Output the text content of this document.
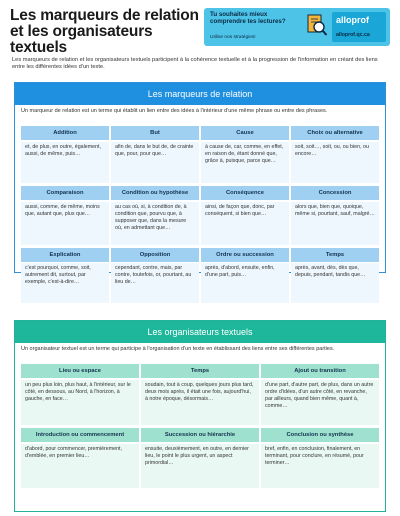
Les marqueurs de relation
et les organisateurs textuels
Tu souhaites mieux
comprendre tes lectures?
Utilise nos stratégies!
alloprof
alloprof.qc.ca
Les marqueurs de relation et les organisateurs textuels participent à la cohérence textuelle et à la progression de l'information en créant des liens entre les différentes idées d'un texte.
Les marqueurs de relation
Un marqueur de relation est un terme qui établit un lien entre des idées à l'intérieur d'une même phrase ou entre des phrases.
Addition	But	Cause	Choix ou alternative
et, de plus, en outre, également, aussi, de même, puis…
afin de, dans le but de, de crainte que, pour, pour que…
à cause de, car, comme, en effet, en raison de, étant donné que, grâce à, puisque, parce que…
soit, soit…, soit, ou, ou bien, ou encore…
Comparaison	Condition ou hypothèse	Conséquence	Concession
aussi, comme, de même, moins que, autant que, plus que…
au cas où, si, à condition de, à condition que, pourvu que, à supposer que, dans la mesure où, en admettant que…
ainsi, de façon que, donc, par conséquent, si bien que…
alors que, bien que, quoique, même si, pourtant, sauf, malgré…
Explication	Opposition	Ordre ou succession	Temps
c'est pourquoi, comme, soit, autrement dit, surtout, par exemple, c'est-à-dire…
cependant, contre, mais, par contre, toutefois, or, pourtant, au lieu de…
après, d'abord, ensuite, enfin, d'une part, puis…
après, avant, dès, dès que, depuis, pendant, tandis que…
Les organisateurs textuels
Un organisateur textuel est un terme qui participe à l'organisation d'un texte en établissant des liens entre ses différentes parties.
Lieu ou espace	Temps	Ajout ou transition
un peu plus loin, plus haut, à l'intérieur, sur le côté, en dessous, au Nord, à l'horizon, à gauche, en face…
soudain, tout à coup, quelques jours plus tard, deux mois après, il était une fois, aujourd'hui, à notre époque, désormais…
d'une part, d'autre part, de plus, dans un autre ordre d'idées, d'un autre côté, en revanche, par ailleurs, quand bien même, quant à, comme…
Introduction ou commencement	Succession ou hiérarchie	Conclusion ou synthèse
d'abord, pour commencer, premièrement, d'emblée, en premier lieu…
ensuite, deuxièmement, en outre, en dernier lieu, le point le plus urgent, un aspect primordial…
bref, enfin, en conclusion, finalement, en terminant, pour conclure, en résumé, pour terminer…
